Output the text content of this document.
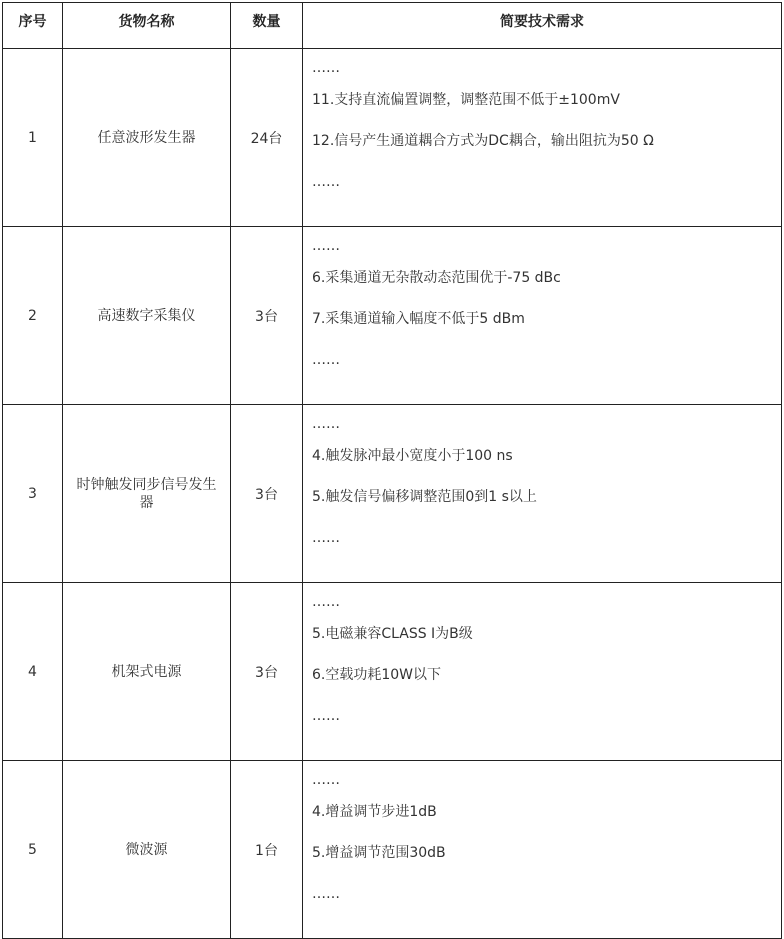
序号	货物名称	数量	简要技术需求
1	任意波形发生器	24台	……
11.支持直流偏置调整，调整范围不低于±100mV
12.信号产生通道耦合方式为DC耦合，输出阻抗为50 Ω
……

2	高速数字采集仪	3台	……
6.采集通道无杂散动态范围优于-75 dBc
7.采集通道输入幅度不低于5 dBm
……

3	时钟触发同步信号发生器	3台	……
4.触发脉冲最小宽度小于100 ns
5.触发信号偏移调整范围0到1 s以上
……

4	机架式电源	3台	……
5.电磁兼容CLASS I为B级
6.空载功耗10W以下
……

5	微波源	1台	……
4.增益调节步进1dB
5.增益调节范围30dB
……
